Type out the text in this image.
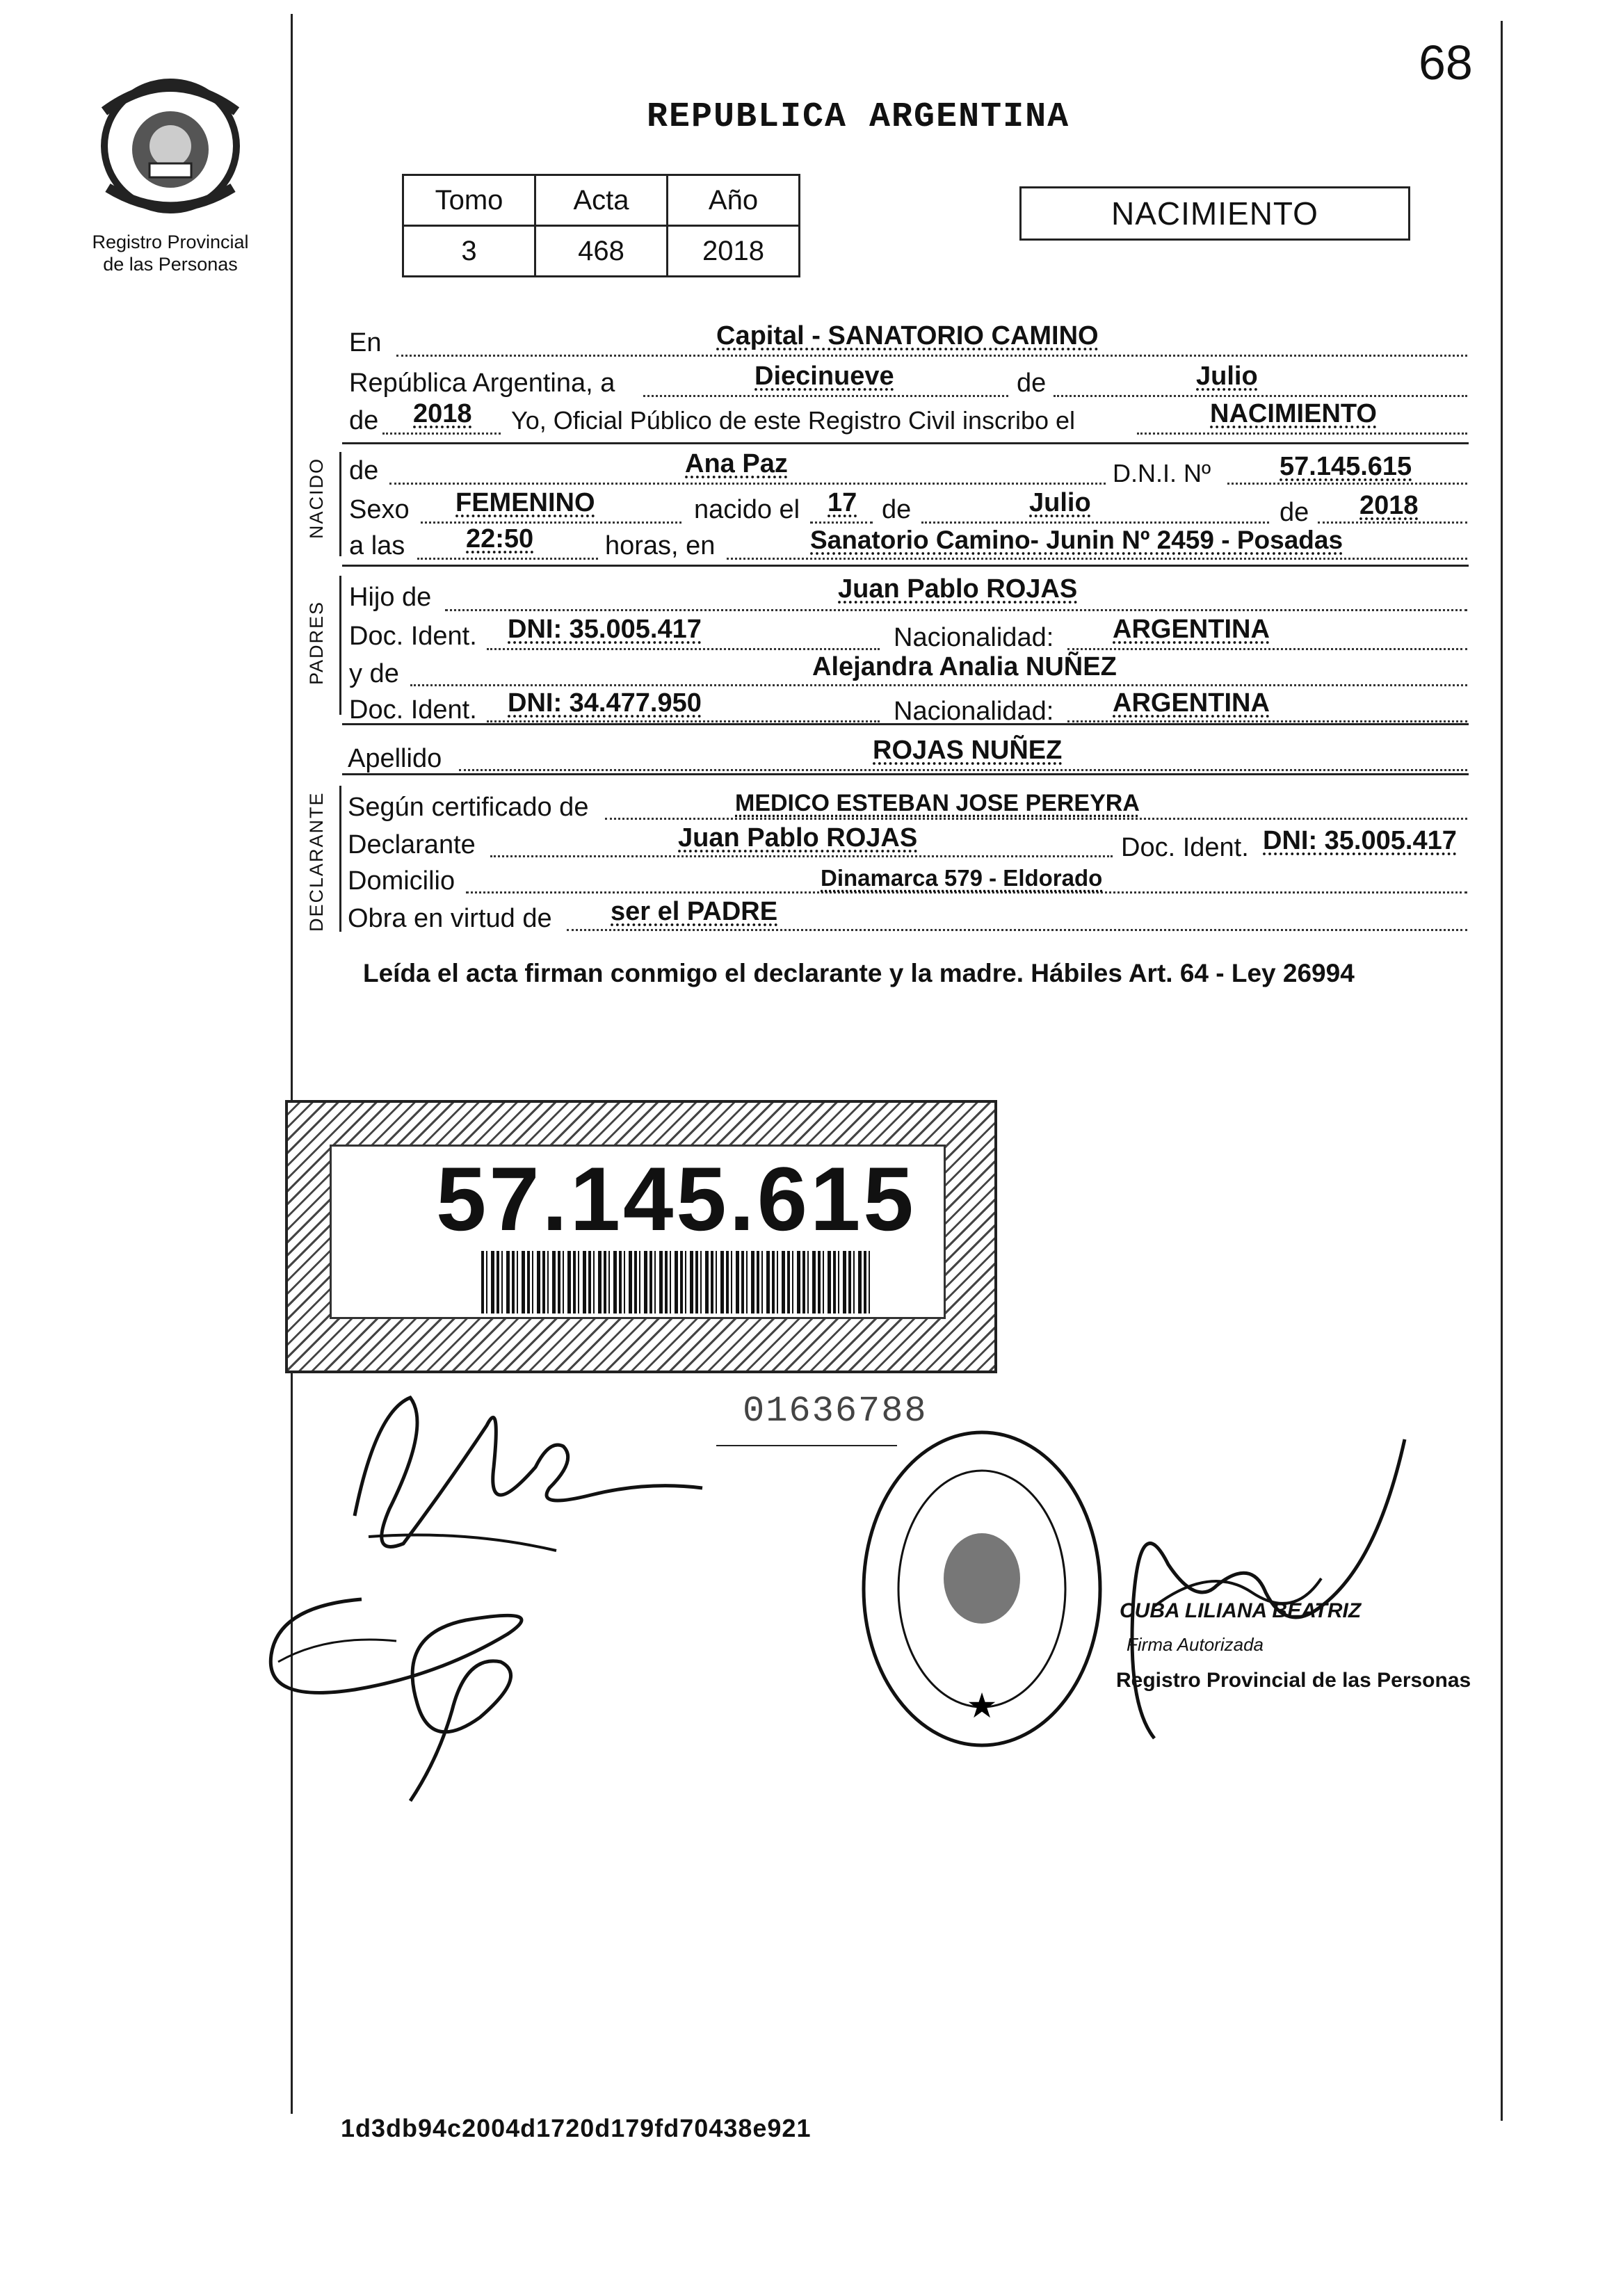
Registro Provincial
de las Personas
68
REPUBLICA ARGENTINA
Tomo	Acta	Año
3	468	2018
NACIMIENTO
NACIDO
PADRES
DECLARANTE
En	Capital - SANATORIO CAMINO
República Argentina, a	Diecinueve	de	Julio
de 2018 Yo, Oficial Público de este Registro Civil inscribo el	NACIMIENTO
de	Ana Paz	D.N.I. Nº	57.145.615
Sexo FEMENINO	nacido el 17 de	Julio	de 2018
a las 22:50	horas, en	Sanatorio Camino- Junin Nº 2459 - Posadas
Hijo de	Juan Pablo ROJAS
Doc. Ident. DNI: 35.005.417	Nacionalidad: ARGENTINA
y de	Alejandra Analia NUÑEZ
Doc. Ident. DNI: 34.477.950	Nacionalidad: ARGENTINA
Apellido	ROJAS NUÑEZ
Según certificado de	MEDICO ESTEBAN JOSE PEREYRA
Declarante	Juan Pablo ROJAS	Doc. Ident. DNI: 35.005.417
Domicilio	Dinamarca 579 - Eldorado
Obra en virtud de ser el PADRE
Leída el acta firman conmigo el declarante y la madre. Hábiles Art. 64 - Ley 26994
57.145.615
01636788
★
CUBA LILIANA BEATRIZ
Firma Autorizada
Registro Provincial de las Personas
1d3db94c2004d1720d179fd70438e921
